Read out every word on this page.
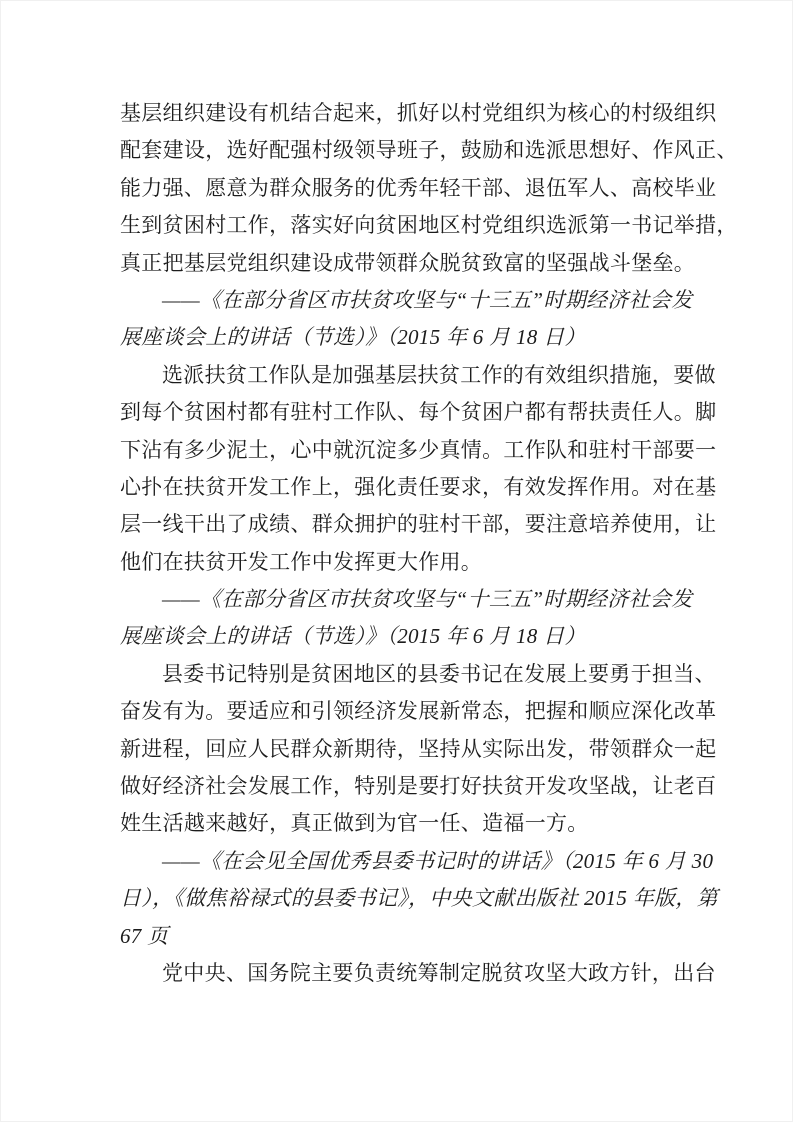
基层组织建设有机结合起来，抓好以村党组织为核心的村级组织
配套建设，选好配强村级领导班子，鼓励和选派思想好、作风正、
能力强、愿意为群众服务的优秀年轻干部、退伍军人、高校毕业
生到贫困村工作，落实好向贫困地区村党组织选派第一书记举措，
真正把基层党组织建设成带领群众脱贫致富的坚强战斗堡垒。
——《在部分省区市扶贫攻坚与“十三五”时期经济社会发
展座谈会上的讲话（节选）》（2015 年 6 月 18 日）
选派扶贫工作队是加强基层扶贫工作的有效组织措施，要做
到每个贫困村都有驻村工作队、每个贫困户都有帮扶责任人。脚
下沾有多少泥土，心中就沉淀多少真情。工作队和驻村干部要一
心扑在扶贫开发工作上，强化责任要求，有效发挥作用。对在基
层一线干出了成绩、群众拥护的驻村干部，要注意培养使用，让
他们在扶贫开发工作中发挥更大作用。
——《在部分省区市扶贫攻坚与“十三五”时期经济社会发
展座谈会上的讲话（节选）》（2015 年 6 月 18 日）
县委书记特别是贫困地区的县委书记在发展上要勇于担当、
奋发有为。要适应和引领经济发展新常态，把握和顺应深化改革
新进程，回应人民群众新期待，坚持从实际出发，带领群众一起
做好经济社会发展工作，特别是要打好扶贫开发攻坚战，让老百
姓生活越来越好，真正做到为官一任、造福一方。
——《在会见全国优秀县委书记时的讲话》（2015 年 6 月 30
日），《做焦裕禄式的县委书记》，中央文献出版社 2015 年版，第
67 页
党中央、国务院主要负责统筹制定脱贫攻坚大政方针，出台
